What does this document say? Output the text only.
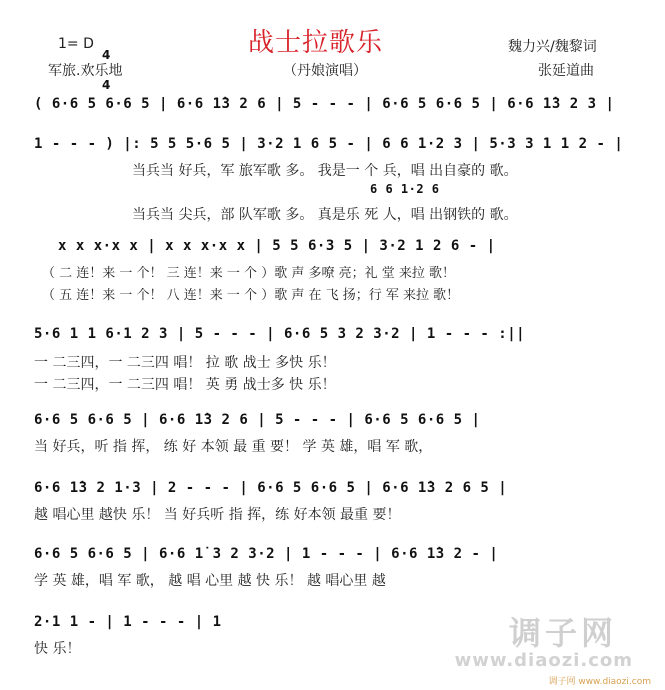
战士拉歌乐
1= D

4

4

军旅.欢乐地	（丹娘演唱）
魏力兴/魏黎词
张延道曲
( 6·6 5 6·6 5 | 6·6 1̇3 2 6 | 5 - - - | 6·6 5 6·6 5 | 6·6 1̇3 2 3 |
1 - - - ) |: 5 5 5·6 5 | 3·2 1 6 5 - | 6 6 1·2 3 | 5·3 3 1 1 2 - |
当兵当 好兵，军 旅军歌 多。 我是一 个 兵，唱 出自豪的 歌。
6 6 1·2 6
当兵当 尖兵，部 队军歌 多。 真是乐 死 人，唱 出钢铁的 歌。
x x x·x x | x x x·x x | 5 5 6·3 5 | 3·2 1 2 6 - |
（ 二 连！来 一 个！ 三 连！来 一 个 ）歌 声 多嘹 亮；礼 堂 来拉 歌！
（ 五 连！来 一 个！ 八 连！来 一 个 ）歌 声 在 飞 扬；行 军 来拉 歌！
5·6 1 1 6·1 2 3 | 5 - - - | 6·6 5 3 2 3·2 | 1 - - - :||
一 二三四，一 二三四 唱！ 拉 歌 战士 多快 乐！
一 二三四，一 二三四 唱！ 英 勇 战士多 快 乐！
6·6 5 6·6 5 | 6·6 1̇3 2 6 | 5 - - - | 6·6 5 6·6 5 |
当 好兵，听 指 挥， 练 好 本领 最 重 要！ 学 英 雄，唱 军 歌，
6·6 1̇3 2 1·3 | 2 - - - | 6·6 5 6·6 5 | 6·6 1̇3 2 6 5 |
越 唱心里 越快 乐！ 当 好兵听 指 挥，练 好本领 最重 要！
6·6 5 6·6 5 | 6·6 1̇ 3 2 3·2 | 1 - - - | 6·6 1̇3 2 - |
学 英 雄，唱 军 歌， 越 唱 心里 越 快 乐！ 越 唱心里 越
2·1 1 - | 1 - - - | 1
快 乐！	调子网
www.diaozi.com
调子网 www.diaozi.com
